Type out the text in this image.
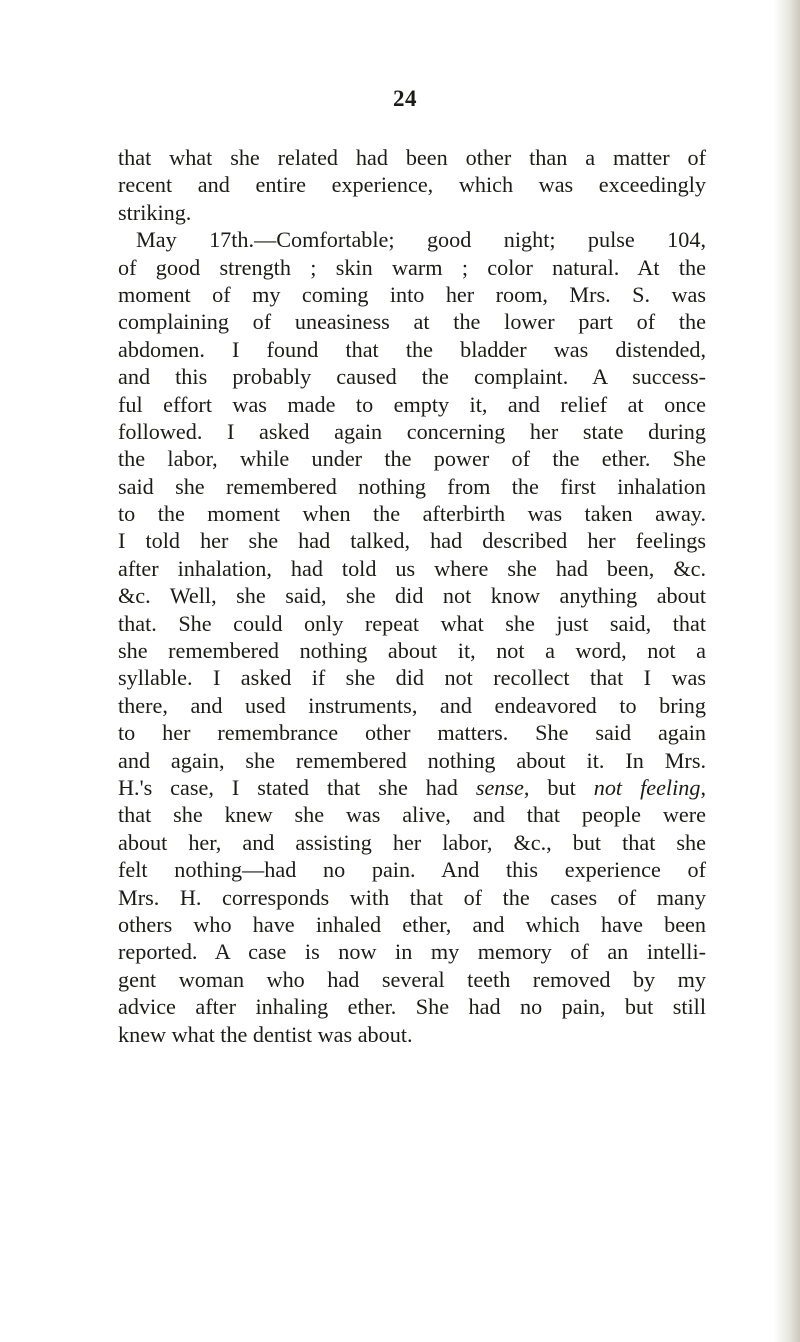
24
that what she related had been other than a matter of
recent and entire experience, which was exceedingly
striking.
May 17th.—Comfortable; good night; pulse 104,
of good strength ; skin warm ; color natural. At the
moment of my coming into her room, Mrs. S. was
complaining of uneasiness at the lower part of the
abdomen. I found that the bladder was distended,
and this probably caused the complaint. A success-
ful effort was made to empty it, and relief at once
followed. I asked again concerning her state during
the labor, while under the power of the ether. She
said she remembered nothing from the first inhalation
to the moment when the afterbirth was taken away.
I told her she had talked, had described her feelings
after inhalation, had told us where she had been, &c.
&c. Well, she said, she did not know anything about
that. She could only repeat what she just said, that
she remembered nothing about it, not a word, not a
syllable. I asked if she did not recollect that I was
there, and used instruments, and endeavored to bring
to her remembrance other matters. She said again
and again, she remembered nothing about it. In Mrs.
H.'s case, I stated that she had sense, but not feeling,
that she knew she was alive, and that people were
about her, and assisting her labor, &c., but that she
felt nothing—had no pain. And this experience of
Mrs. H. corresponds with that of the cases of many
others who have inhaled ether, and which have been
reported. A case is now in my memory of an intelli-
gent woman who had several teeth removed by my
advice after inhaling ether. She had no pain, but still
knew what the dentist was about.
